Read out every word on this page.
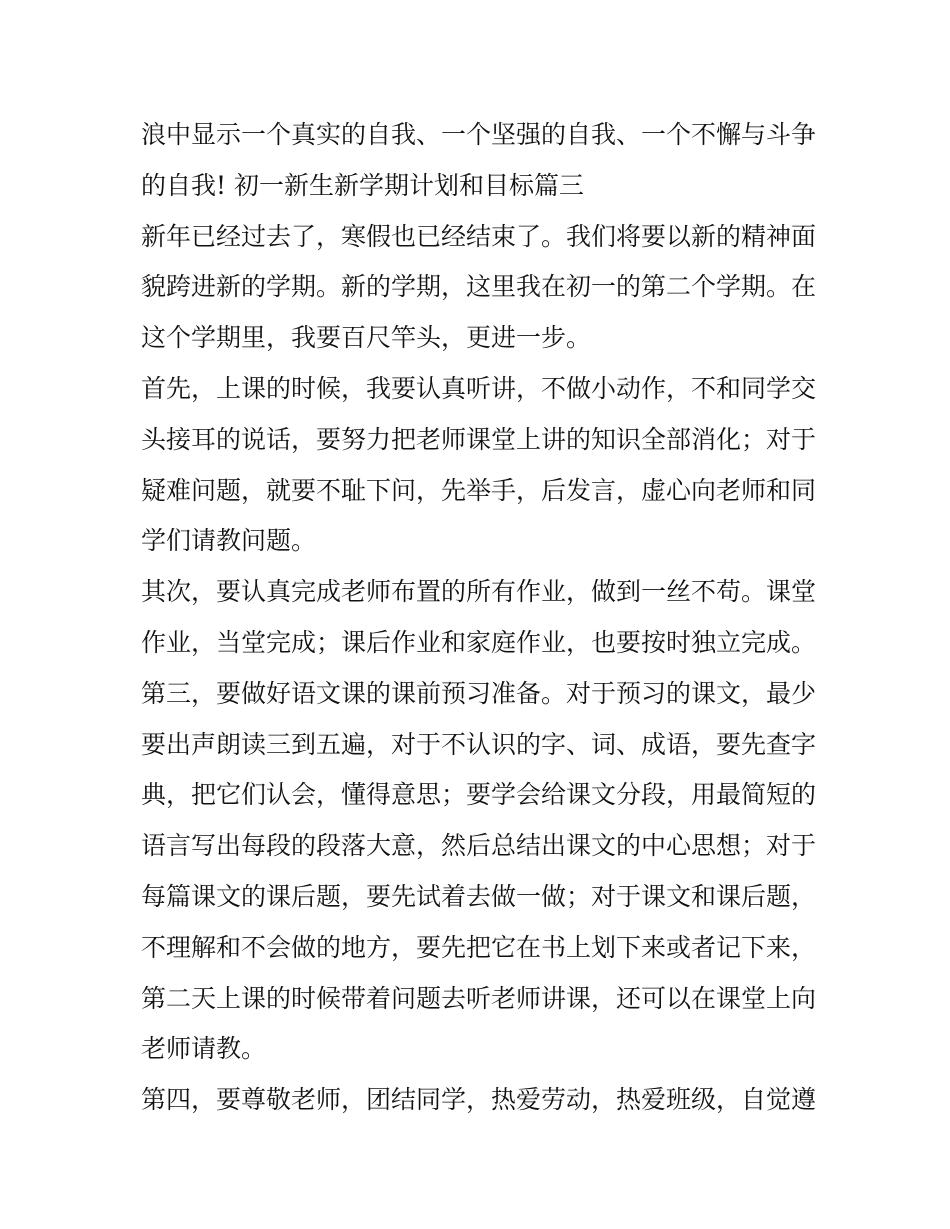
浪中显示一个真实的自我、一个坚强的自我、一个不懈与斗争
的自我! 初一新生新学期计划和目标篇三
新年已经过去了，寒假也已经结束了。我们将要以新的精神面
貌跨进新的学期。新的学期，这里我在初一的第二个学期。在
这个学期里，我要百尺竿头，更进一步。
首先，上课的时候，我要认真听讲，不做小动作，不和同学交
头接耳的说话，要努力把老师课堂上讲的知识全部消化；对于
疑难问题，就要不耻下问，先举手，后发言，虚心向老师和同
学们请教问题。
其次，要认真完成老师布置的所有作业，做到一丝不苟。课堂
作业，当堂完成；课后作业和家庭作业，也要按时独立完成。
第三，要做好语文课的课前预习准备。对于预习的课文，最少
要出声朗读三到五遍，对于不认识的字、词、成语，要先查字
典，把它们认会，懂得意思；要学会给课文分段，用最简短的
语言写出每段的段落大意，然后总结出课文的中心思想；对于
每篇课文的课后题，要先试着去做一做；对于课文和课后题，
不理解和不会做的地方，要先把它在书上划下来或者记下来，
第二天上课的时候带着问题去听老师讲课，还可以在课堂上向
老师请教。
第四，要尊敬老师，团结同学，热爱劳动，热爱班级，自觉遵
